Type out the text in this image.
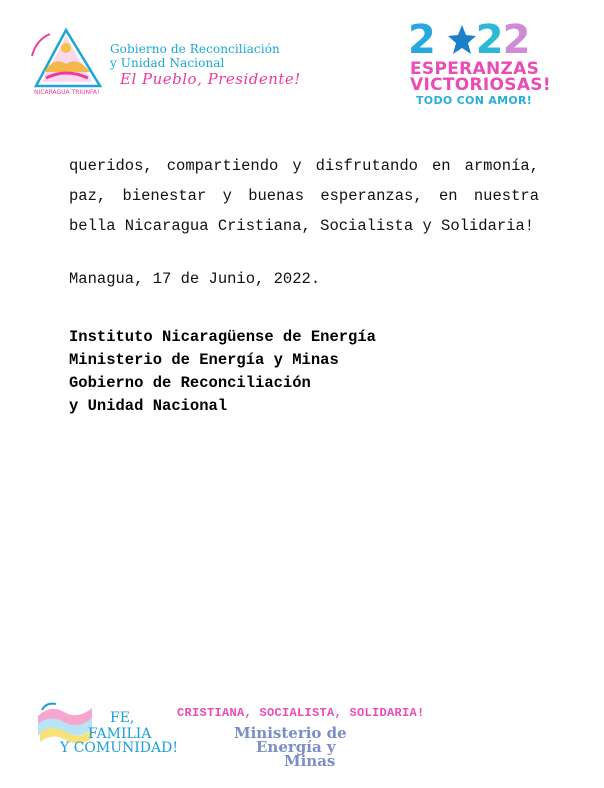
NICARAGUA TRIUNFA!
Gobierno de Reconciliación
y Unidad Nacional
El Pueblo, Presidente!
2 22
ESPERANZAS
VICTORIOSAS!
TODO CON AMOR!
queridos, compartiendo y disfrutando en armonía,
paz, bienestar y buenas esperanzas, en nuestra
bella Nicaragua Cristiana, Socialista y Solidaria!
Managua, 17 de Junio, 2022.
Instituto Nicaragüense de Energía
Ministerio de Energía y Minas
Gobierno de Reconciliación
y Unidad Nacional
FE,
FAMILIA
Y COMUNIDAD!
CRISTIANA, SOCIALISTA, SOLIDARIA!
Ministerio de
Energía y
Minas
